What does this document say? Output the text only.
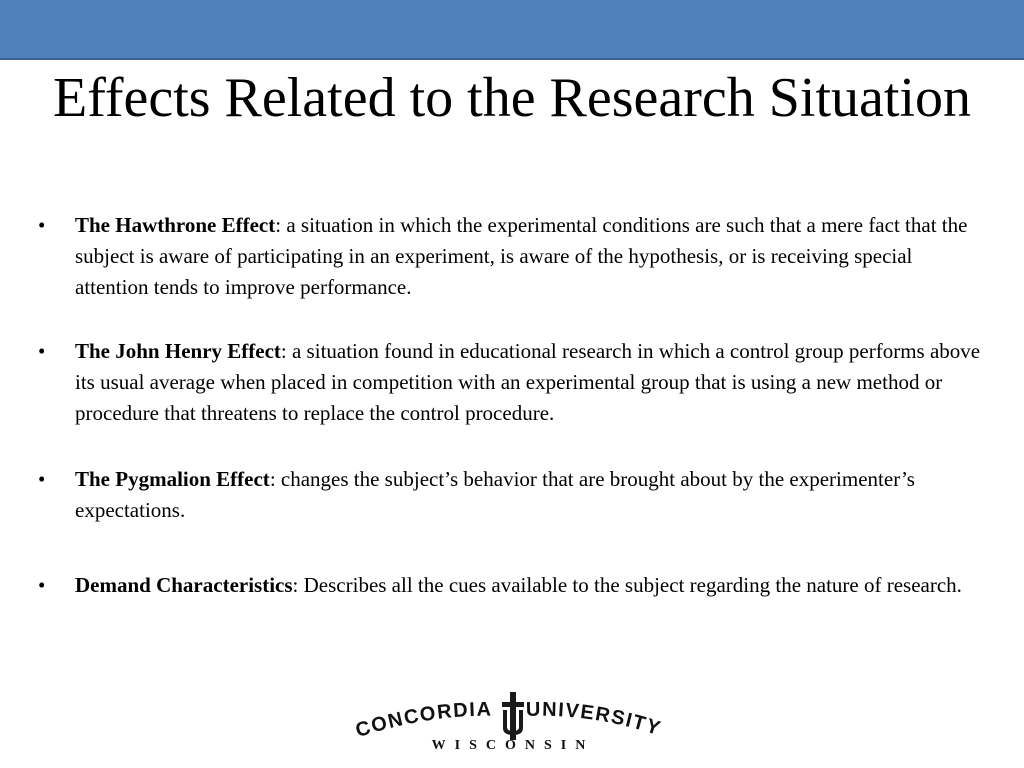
Effects Related to the Research Situation
• The Hawthrone Effect: a situation in which the experimental conditions are such that a mere fact that the subject is aware of participating in an experiment, is aware of the hypothesis, or is receiving special attention tends to improve performance.
• The John Henry Effect: a situation found in educational research in which a control group performs above its usual average when placed in competition with an experimental group that is using a new method or procedure that threatens to replace the control procedure.
• The Pygmalion Effect: changes the subject’s behavior that are brought about by the experimenter’s expectations.
• Demand Characteristics: Describes all the cues available to the subject regarding the nature of research.
CONCORDIA UNIVERSITY
WISCONSIN
